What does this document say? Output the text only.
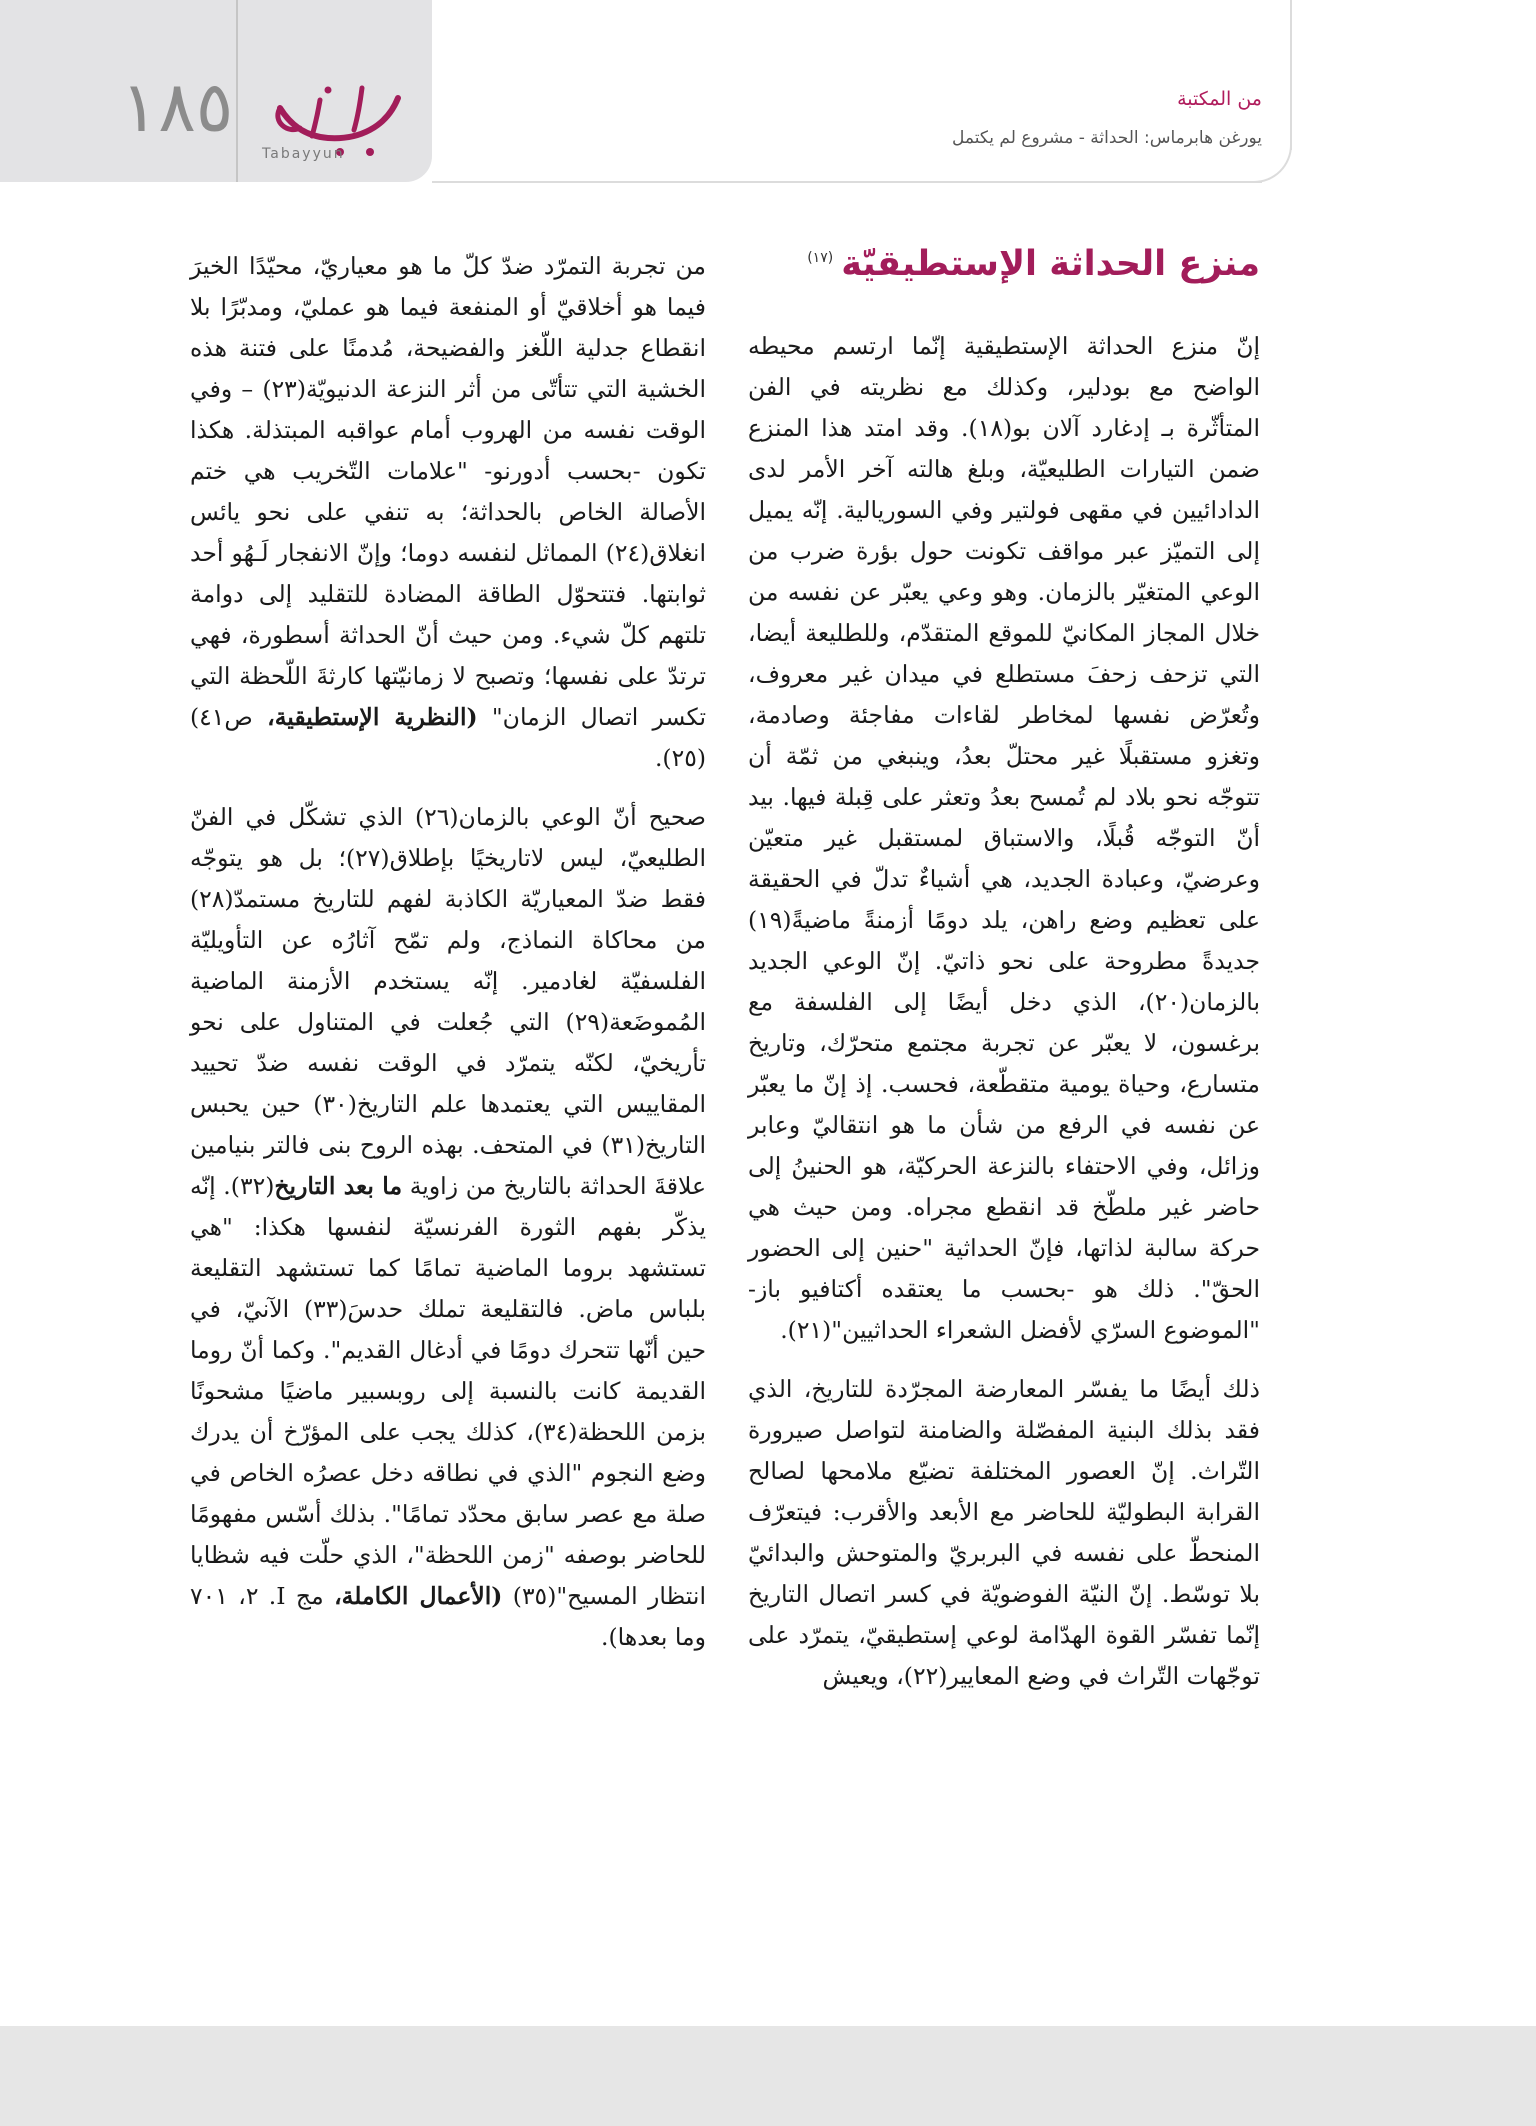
١٨٥
Tabayyun
من المكتبة
يورغن هابرماس: الحداثة - مشروع لم يكتمل
منزع الحداثة الإستطيقيّة$^{(١٧)}$

إنّ منزع الحداثة الإستطيقية إنّما ارتسم محيطه الواضح مع بودلير، وكذلك مع نظريته في الفن المتأثّرة بـ إدغارد آلان بو(١٨). وقد امتد هذا المنزع ضمن التيارات الطليعيّة، وبلغ هالته آخر الأمر لدى الدادائيين في مقهى فولتير وفي السوريالية. إنّه يميل إلى التميّز عبر مواقف تكونت حول بؤرة ضرب من الوعي المتغيّر بالزمان. وهو وعي يعبّر عن نفسه من خلال المجاز المكانيّ للموقع المتقدّم، وللطليعة أيضا، التي تزحف زحفَ مستطلع في ميدان غير معروف، وتُعرّض نفسها لمخاطر لقاءات مفاجئة وصادمة، وتغزو مستقبلًا غير محتلّ بعدُ، وينبغي من ثمّة أن تتوجّه نحو بلاد لم تُمسح بعدُ وتعثر على قِبلة فيها. بيد أنّ التوجّه قُبلًا، والاستباق لمستقبل غير متعيّن وعرضيّ، وعبادة الجديد، هي أشياءٌ تدلّ في الحقيقة على تعظيم وضع راهن، يلد دومًا أزمنةً ماضيةً(١٩) جديدةً مطروحة على نحو ذاتيّ. إنّ الوعي الجديد بالزمان(٢٠)، الذي دخل أيضًا إلى الفلسفة مع برغسون، لا يعبّر عن تجربة مجتمع متحرّك، وتاريخ متسارع، وحياة يومية متقطّعة، فحسب. إذ إنّ ما يعبّر عن نفسه في الرفع من شأن ما هو انتقاليّ وعابر وزائل، وفي الاحتفاء بالنزعة الحركيّة، هو الحنينُ إلى حاضر غير ملطّخ قد انقطع مجراه. ومن حيث هي حركة سالبة لذاتها، فإنّ الحداثية "حنين إلى الحضور الحقّ". ذلك هو -بحسب ما يعتقده أكتافيو باز- "الموضوع السرّي لأفضل الشعراء الحداثيين"(٢١).

ذلك أيضًا ما يفسّر المعارضة المجرّدة للتاريخ، الذي فقد بذلك البنية المفصّلة والضامنة لتواصل صيرورة التّراث. إنّ العصور المختلفة تضيّع ملامحها لصالح القرابة البطوليّة للحاضر مع الأبعد والأقرب: فيتعرّف المنحطّ على نفسه في البربريّ والمتوحش والبدائيّ بلا توسّط. إنّ النيّة الفوضويّة في كسر اتصال التاريخ إنّما تفسّر القوة الهدّامة لوعي إستطيقيّ، يتمرّد على توجّهات التّراث في وضع المعايير(٢٢)، ويعيش

من تجربة التمرّد ضدّ كلّ ما هو معياريّ، محيّدًا الخيرَ فيما هو أخلاقيّ أو المنفعة فيما هو عمليّ، ومدبّرًا بلا انقطاع جدلية اللّغز والفضيحة، مُدمنًا على فتنة هذه الخشية التي تتأتّى من أثر النزعة الدنيويّة(٢٣) – وفي الوقت نفسه من الهروب أمام عواقبه المبتذلة. هكذا تكون -بحسب أدورنو- "علامات التّخريب هي ختم الأصالة الخاص بالحداثة؛ به تنفي على نحو يائس انغلاق(٢٤) المماثل لنفسه دوما؛ وإنّ الانفجار لَـهُو أحد ثوابتها. فتتحوّل الطاقة المضادة للتقليد إلى دوامة تلتهم كلّ شيء. ومن حيث أنّ الحداثة أسطورة، فهي ترتدّ على نفسها؛ وتصبح لا زمانيّتها كارثةَ اللّحظة التي تكسر اتصال الزمان" (النظرية الإستطيقية، ص٤١)(٢٥).

صحيح أنّ الوعي بالزمان(٢٦) الذي تشكّل في الفنّ الطليعيّ، ليس لاتاريخيًا بإطلاق(٢٧)؛ بل هو يتوجّه فقط ضدّ المعياريّة الكاذبة لفهم للتاريخ مستمدّ(٢٨) من محاكاة النماذج، ولم تمّح آثارُه عن التأويليّة الفلسفيّة لغادمير. إنّه يستخدم الأزمنة الماضية المُموضَعة(٢٩) التي جُعلت في المتناول على نحو تأريخيّ، لكنّه يتمرّد في الوقت نفسه ضدّ تحييد المقاييس التي يعتمدها علم التاريخ(٣٠) حين يحبس التاريخ(٣١) في المتحف. بهذه الروح بنى فالتر بنيامين علاقةَ الحداثة بالتاريخ من زاوية ما بعد التاريخ(٣٢). إنّه يذكّر بفهم الثورة الفرنسيّة لنفسها هكذا: "هي تستشهد بروما الماضية تمامًا كما تستشهد التقليعة بلباس ماض. فالتقليعة تملك حدسَ(٣٣) الآنيّ، في حين أنّها تتحرك دومًا في أدغال القديم". وكما أنّ روما القديمة كانت بالنسبة إلى روبسبير ماضيًا مشحونًا بزمن اللحظة(٣٤)، كذلك يجب على المؤرّخ أن يدرك وضع النجوم "الذي في نطاقه دخل عصرُه الخاص في صلة مع عصر سابق محدّد تمامًا". بذلك أسّس مفهومًا للحاضر بوصفه "زمن اللحظة"، الذي حلّت فيه شظايا انتظار المسيح"(٣٥) (الأعمال الكاملة، مج I. ٢، ٧٠١ وما بعدها).
